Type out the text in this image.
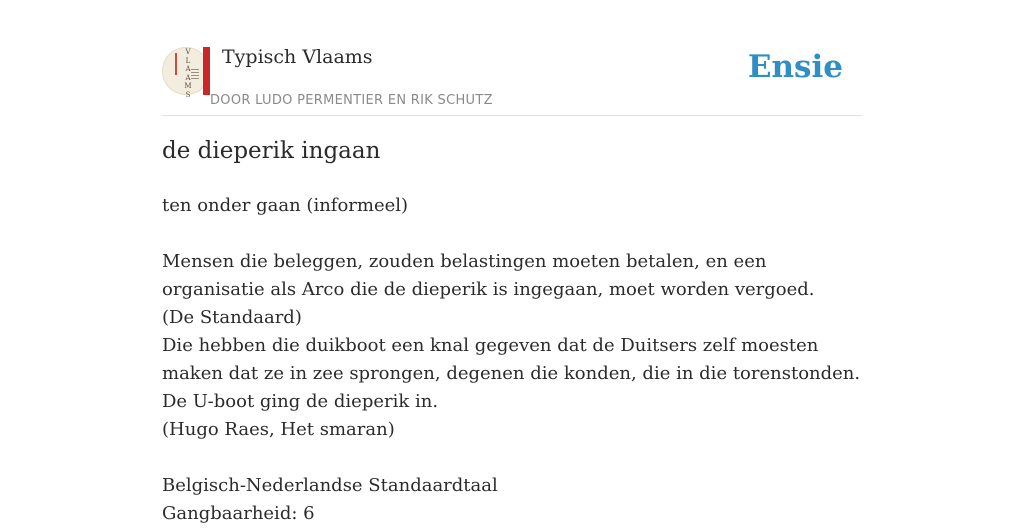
V
L
A
A
M
S
Typisch Vlaams
DOOR LUDO PERMENTIER EN RIK SCHUTZ
Ensie
de dieperik ingaan

ten onder gaan (informeel)

Mensen die beleggen, zouden belastingen moeten betalen, en een organisatie als Arco die de dieperik is ingegaan, moet worden vergoed.

(De Standaard)

Die hebben die duikboot een knal gegeven dat de Duitsers zelf moesten maken dat ze in zee sprongen, degenen die konden, die in die torenstonden. De U-boot ging de dieperik in.

(Hugo Raes, Het smaran)

Belgisch-Nederlandse Standaardtaal

Gangbaarheid: 6
